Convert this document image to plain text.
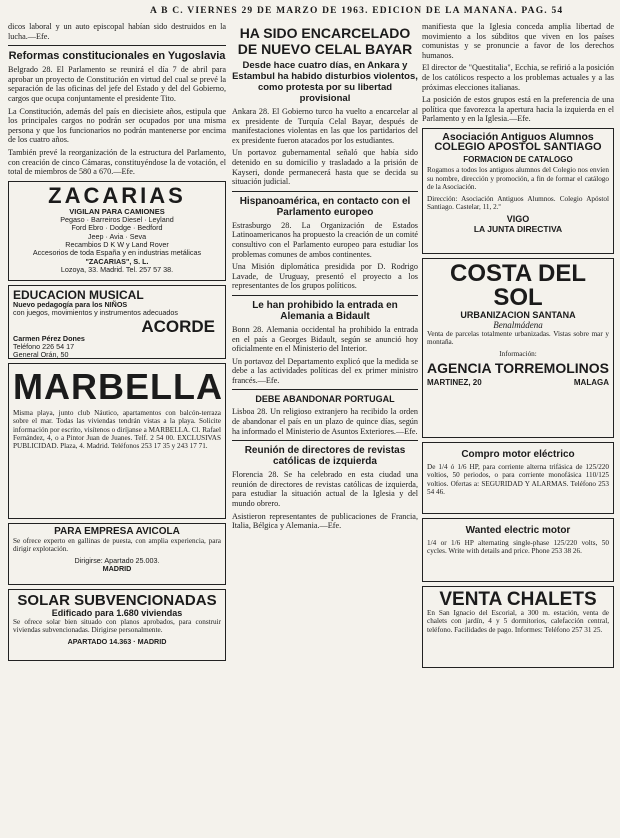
A B C. VIERNES 29 DE MARZO DE 1963. EDICION DE LA MAÑANA. PAG. 54

dicos laboral y un auto episcopal habían sido destruidos en la lucha.—Efe.

Reformas constitucionales en Yugoslavia

Belgrado 28. El Parlamento se reunirá el día 7 de abril para aprobar un proyecto de Constitución en virtud del cual se prevé la separación de las oficinas del jefe del Estado y del del Gobierno, cargos que ocupa conjuntamente el presidente Tito.

La Constitución, además del país en diecisiete años, estipula que los principales cargos no podrán ser ocupados por una misma persona y que los funcionarios no podrán mantenerse por encima de los cuatro años.

También prevé la reorganización de la estructura del Parlamento, con creación de cinco Cámaras, constituyéndose la de votación, el total de miembros de 580 a 670.—Efe.

ZACARIAS
VIGILAN PARA CAMIONES
Pegaso · Barreiros Diesel · Leyland
Ford Ebro · Dodge · Bedford
Jeep · Avia · Seva
Recambios D K W y Land Rover
Accesorios de toda España y en industrias metálicas
"ZACARIAS", S. L.
Lozoya, 33. Madrid. Tel. 257 57 38.
EDUCACION MUSICAL
Nuevo pedagogía para los NIÑOS
con juegos, movimientos y instrumentos adecuados
ACORDE
Carmen Pérez Dones
Teléfono 226 54 17
General Orán, 50
MARBELLA

Misma playa, junto club Náutico, apartamentos con balcón-terraza sobre el mar. Todas las viviendas tendrán vistas a la playa. Solicite información por escrito, visítenos o diríjanse a MARBELLA. Cl. Rafael Fernández, 4, o a Pintor Juan de Juanes. Telf. 2 54 00. EXCLUSIVAS PUBLICIDAD. Plaza, 4. Madrid. Teléfonos 253 17 35 y 243 17 71.

PARA EMPRESA AVICOLA

Se ofrece experto en gallinas de puesta, con amplia experiencia, para dirigir explotación.

Dirigirse: Apartado 25.003.
MADRID
SOLAR SUBVENCIONADAS
Edificado para 1.680 viviendas

Se ofrece solar bien situado con planos aprobados, para construir viviendas subvencionadas. Dirigirse personalmente.

APARTADO 14.363 · MADRID
HA SIDO ENCARCELADO DE NUEVO CELAL BAYAR
Desde hace cuatro días, en Ankara y Estambul ha habido disturbios violentos, como protesta por su libertad provisional

Ankara 28. El Gobierno turco ha vuelto a encarcelar al ex presidente de Turquía Celal Bayar, después de manifestaciones violentas en las que los partidarios del ex presidente fueron atacados por los estudiantes.

Un portavoz gubernamental señaló que había sido detenido en su domicilio y trasladado a la prisión de Kayseri, donde permanecerá hasta que se decida su situación judicial.

Hispanoamérica, en contacto con el Parlamento europeo

Estrasburgo 28. La Organización de Estados Latinoamericanos ha propuesto la creación de un comité consultivo con el Parlamento europeo para estudiar los problemas comunes de ambos continentes.

Una Misión diplomática presidida por D. Rodrigo Lavade, de Uruguay, presentó el proyecto a los representantes de los grupos políticos.

Le han prohibido la entrada en Alemania a Bidault

Bonn 28. Alemania occidental ha prohibido la entrada en el país a Georges Bidault, según se anunció hoy oficialmente en el Ministerio del Interior.

Un portavoz del Departamento explicó que la medida se debe a las actividades políticas del ex primer ministro francés.—Efe.

DEBE ABANDONAR PORTUGAL

Lisboa 28. Un religioso extranjero ha recibido la orden de abandonar el país en un plazo de quince días, según ha informado el Ministerio de Asuntos Exteriores.—Efe.

Reunión de directores de revistas católicas de izquierda

Florencia 28. Se ha celebrado en esta ciudad una reunión de directores de revistas católicas de izquierda, para estudiar la situación actual de la Iglesia y del mundo obrero.

Asistieron representantes de publicaciones de Francia, Italia, Bélgica y Alemania.—Efe.

manifiesta que la Iglesia conceda amplia libertad de movimiento a los súbditos que viven en los países comunistas y se pronuncie a favor de los derechos humanos.

El director de "Questitalia", Ecchia, se refirió a la posición de los católicos respecto a los problemas actuales y a las próximas elecciones italianas.

La posición de estos grupos está en la preferencia de una política que favorezca la apertura hacia la izquierda en el Parlamento y en la Iglesia.—Efe.

Asociación Antiguos Alumnos
COLEGIO APOSTOL SANTIAGO
FORMACION DE CATALOGO

Rogamos a todos los antiguos alumnos del Colegio nos envíen su nombre, dirección y promoción, a fin de formar el catálogo de la Asociación.

Dirección: Asociación Antiguos Alumnos. Colegio Apóstol Santiago. Castelar, 11, 2.º

VIGO
LA JUNTA DIRECTIVA
COSTA DEL SOL
URBANIZACION SANTANA
Benalmádena

Venta de parcelas totalmente urbanizadas. Vistas sobre mar y montaña.

Información:
AGENCIA TORREMOLINOS
MARTINEZ, 20	MALAGA
Compro motor eléctrico

De 1/4 ó 1/6 HP, para corriente alterna trifásica de 125/220 voltios, 50 periodos, o para corriente monofásica 110/125 voltios. Ofertas a: SEGURIDAD Y ALARMAS. Teléfono 253 54 46.

Wanted electric motor

1/4 or 1/6 HP alternating single-phase 125/220 volts, 50 cycles. Write with details and price. Phone 253 38 26.

VENTA CHALETS

En San Ignacio del Escorial, a 300 m. estación, venta de chalets con jardín, 4 y 5 dormitorios, calefacción central, teléfono. Facilidades de pago. Informes: Teléfono 257 31 25.
